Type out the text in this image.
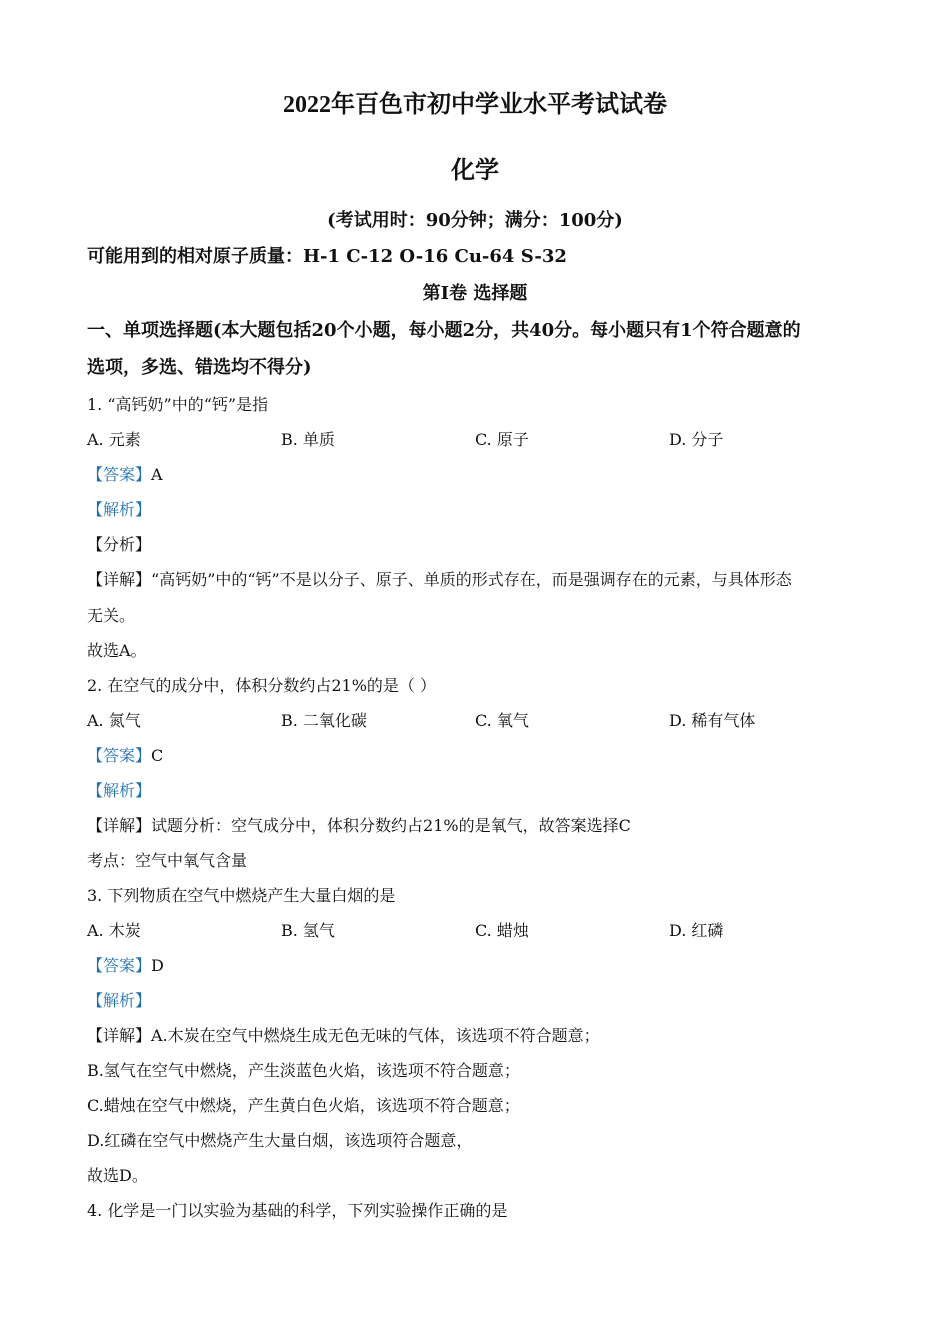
2022年百色市初中学业水平考试试卷
化学
(考试用时：90分钟；满分：100分)
可能用到的相对原子质量：H-1 C-12 O-16 Cu-64 S-32
第Ⅰ卷 选择题
一、单项选择题(本大题包括20个小题，每小题2分，共40分。每小题只有1个符合题意的
选项，多选、错选均不得分)
1. “高钙奶”中的“钙”是指
A. 元素	B. 单质	C. 原子	D. 分子
【答案】A
【解析】
【分析】
【详解】“高钙奶”中的“钙”不是以分子、原子、单质的形式存在，而是强调存在的元素，与具体形态
无关。
故选A。
2. 在空气的成分中，体积分数约占21%的是（ ）
A. 氮气	B. 二氧化碳	C. 氧气	D. 稀有气体
【答案】C
【解析】
【详解】试题分析：空气成分中，体积分数约占21%的是氧气，故答案选择C
考点：空气中氧气含量
3. 下列物质在空气中燃烧产生大量白烟的是
A. 木炭	B. 氢气	C. 蜡烛	D. 红磷
【答案】D
【解析】
【详解】A.木炭在空气中燃烧生成无色无味的气体，该选项不符合题意；
B.氢气在空气中燃烧，产生淡蓝色火焰，该选项不符合题意；
C.蜡烛在空气中燃烧，产生黄白色火焰，该选项不符合题意；
D.红磷在空气中燃烧产生大量白烟，该选项符合题意，
故选D。
4. 化学是一门以实验为基础的科学，下列实验操作正确的是
